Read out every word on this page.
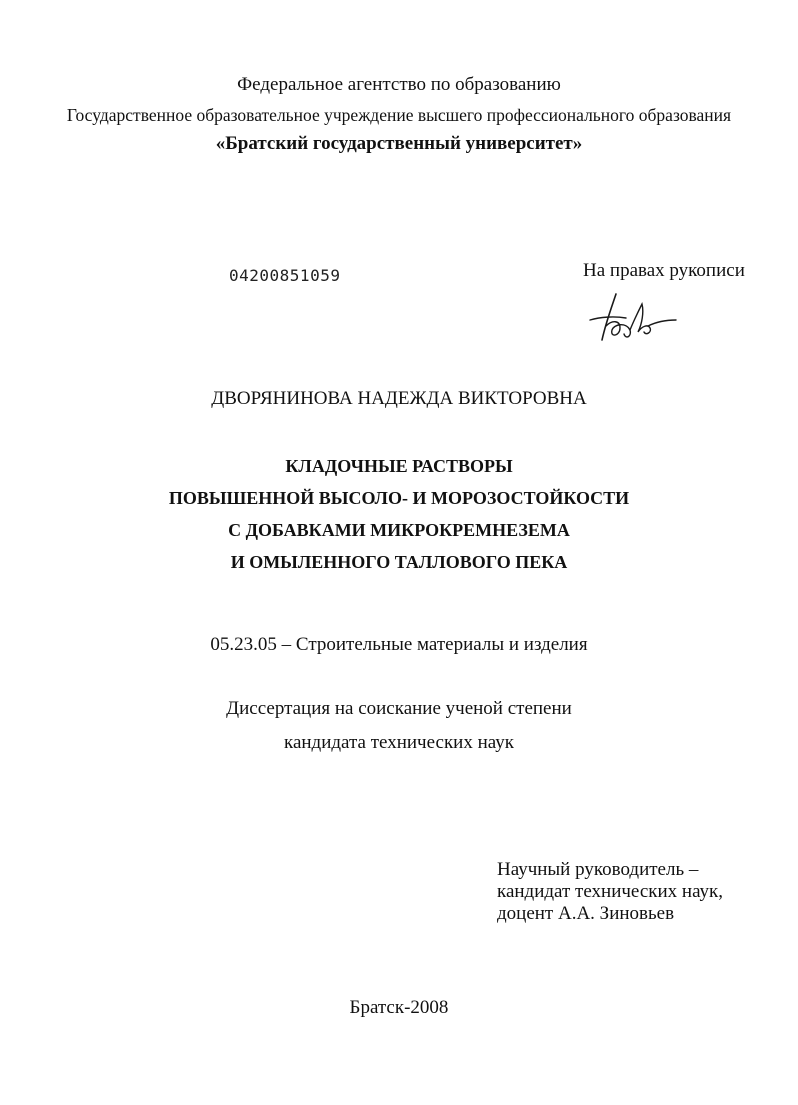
Федеральное агентство по образованию
Государственное образовательное учреждение высшего профессионального образования
«Братский государственный университет»
04200851059	На правах рукописи
ДВОРЯНИНОВА НАДЕЖДА ВИКТОРОВНА
КЛАДОЧНЫЕ РАСТВОРЫ
ПОВЫШЕННОЙ ВЫСОЛО- И МОРОЗОСТОЙКОСТИ
С ДОБАВКАМИ МИКРОКРЕМНЕЗЕМА
И ОМЫЛЕННОГО ТАЛЛОВОГО ПЕКА
05.23.05 – Строительные материалы и изделия
Диссертация на соискание ученой степени
кандидата технических наук
Научный руководитель –
кандидат технических наук,
доцент А.А. Зиновьев
Братск-2008
